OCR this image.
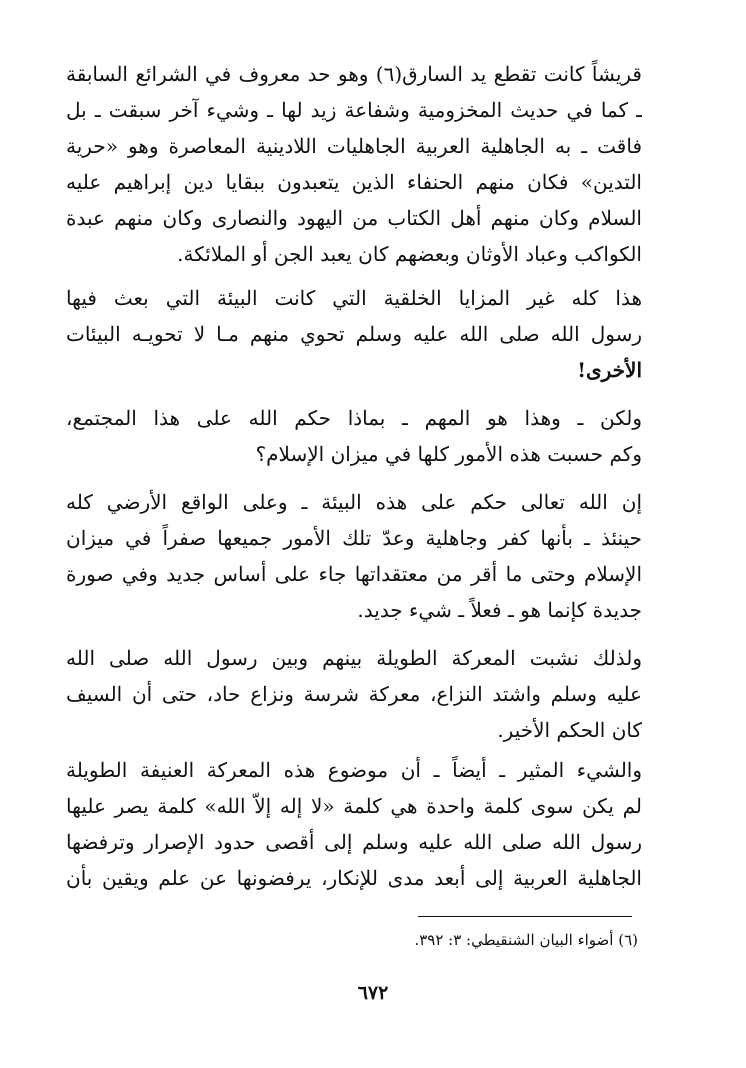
قريشاً كانت تقطع يد السارق(٦) وهو حد معروف في الشرائع السابقة
ـ كما في حديث المخزومية وشفاعة زيد لها ـ وشيء آخر سبقت ـ بل
فاقت ـ به الجاهلية العربية الجاهليات اللادينية المعاصرة وهو «حرية
التدين» فكان منهم الحنفاء الذين يتعبدون ببقايا دين إبراهيم عليه
السلام وكان منهم أهل الكتاب من اليهود والنصارى وكان منهم عبدة
الكواكب وعباد الأوثان وبعضهم كان يعبد الجن أو الملائكة.
هذا كله غير المزايا الخلقية التي كانت البيئة التي بعث فيها
رسول الله صلى الله عليه وسلم تحوي منهم مـا لا تحويـه البيئات
الأخرى!
ولكن ـ وهذا هو المهم ـ بماذا حكم الله على هذا المجتمع،
وكم حسبت هذه الأمور كلها في ميزان الإسلام؟
إن الله تعالى حكم على هذه البيئة ـ وعلى الواقع الأرضي كله
حينئذ ـ بأنها كفر وجاهلية وعدّ تلك الأمور جميعها صفراً في ميزان
الإسلام وحتى ما أقر من معتقداتها جاء على أساس جديد وفي صورة
جديدة كإنما هو ـ فعلاً ـ شيء جديد.
ولذلك نشبت المعركة الطويلة بينهم وبين رسول الله صلى الله
عليه وسلم واشتد النزاع، معركة شرسة ونزاع حاد، حتى أن السيف
كان الحكم الأخير.
والشيء المثير ـ أيضاً ـ أن موضوع هذه المعركة العنيفة الطويلة
لم يكن سوى كلمة واحدة هي كلمة «لا إله إلاّ الله» كلمة يصر عليها
رسول الله صلى الله عليه وسلم إلى أقصى حدود الإصرار وترفضها
الجاهلية العربية إلى أبعد مدى للإنكار، يرفضونها عن علم ويقين بأن
(٦) أضواء البيان الشنقيطي: ٣: ٣٩٢.
٦٧٢
